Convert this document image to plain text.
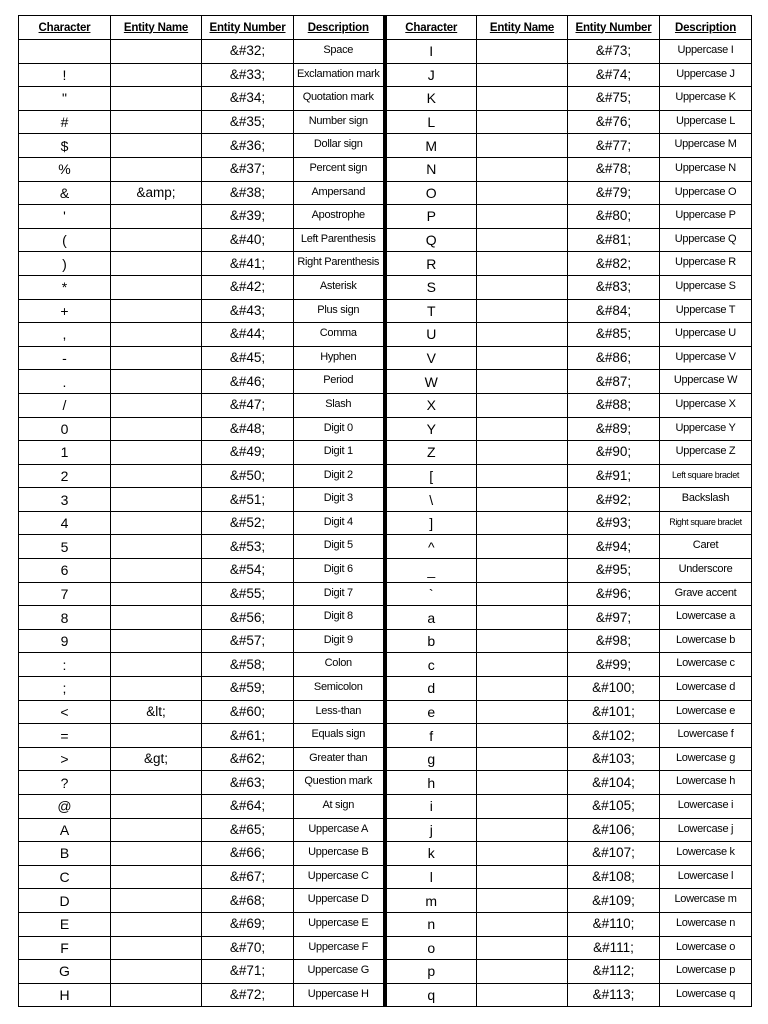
Character	Entity Name	Entity Number	Description	Character	Entity Name	Entity Number	Description
		&#32;	Space	I		&#73;	Uppercase I
!		&#33;	Exclamation mark	J		&#74;	Uppercase J
"		&#34;	Quotation mark	K		&#75;	Uppercase K
#		&#35;	Number sign	L		&#76;	Uppercase L
$		&#36;	Dollar sign	M		&#77;	Uppercase M
%		&#37;	Percent sign	N		&#78;	Uppercase N
&	&amp;	&#38;	Ampersand	O		&#79;	Uppercase O
'		&#39;	Apostrophe	P		&#80;	Uppercase P
(		&#40;	Left Parenthesis	Q		&#81;	Uppercase Q
)		&#41;	Right Parenthesis	R		&#82;	Uppercase R
*		&#42;	Asterisk	S		&#83;	Uppercase S
+		&#43;	Plus sign	T		&#84;	Uppercase T
,		&#44;	Comma	U		&#85;	Uppercase U
-		&#45;	Hyphen	V		&#86;	Uppercase V
.		&#46;	Period	W		&#87;	Uppercase W
/		&#47;	Slash	X		&#88;	Uppercase X
0		&#48;	Digit 0	Y		&#89;	Uppercase Y
1		&#49;	Digit 1	Z		&#90;	Uppercase Z
2		&#50;	Digit 2	[		&#91;	Left square braclet
3		&#51;	Digit 3	\		&#92;	Backslash
4		&#52;	Digit 4	]		&#93;	Right square braclet
5		&#53;	Digit 5	^		&#94;	Caret
6		&#54;	Digit 6	_		&#95;	Underscore
7		&#55;	Digit 7	`		&#96;	Grave accent
8		&#56;	Digit 8	a		&#97;	Lowercase a
9		&#57;	Digit 9	b		&#98;	Lowercase b
:		&#58;	Colon	c		&#99;	Lowercase c
;		&#59;	Semicolon	d		&#100;	Lowercase d
<	&lt;	&#60;	Less-than	e		&#101;	Lowercase e
=		&#61;	Equals sign	f		&#102;	Lowercase f
>	&gt;	&#62;	Greater than	g		&#103;	Lowercase g
?		&#63;	Question mark	h		&#104;	Lowercase h
@		&#64;	At sign	i		&#105;	Lowercase i
A		&#65;	Uppercase A	j		&#106;	Lowercase j
B		&#66;	Uppercase B	k		&#107;	Lowercase k
C		&#67;	Uppercase C	l		&#108;	Lowercase l
D		&#68;	Uppercase D	m		&#109;	Lowercase m
E		&#69;	Uppercase E	n		&#110;	Lowercase n
F		&#70;	Uppercase F	o		&#111;	Lowercase o
G		&#71;	Uppercase G	p		&#112;	Lowercase p
H		&#72;	Uppercase H	q		&#113;	Lowercase q
